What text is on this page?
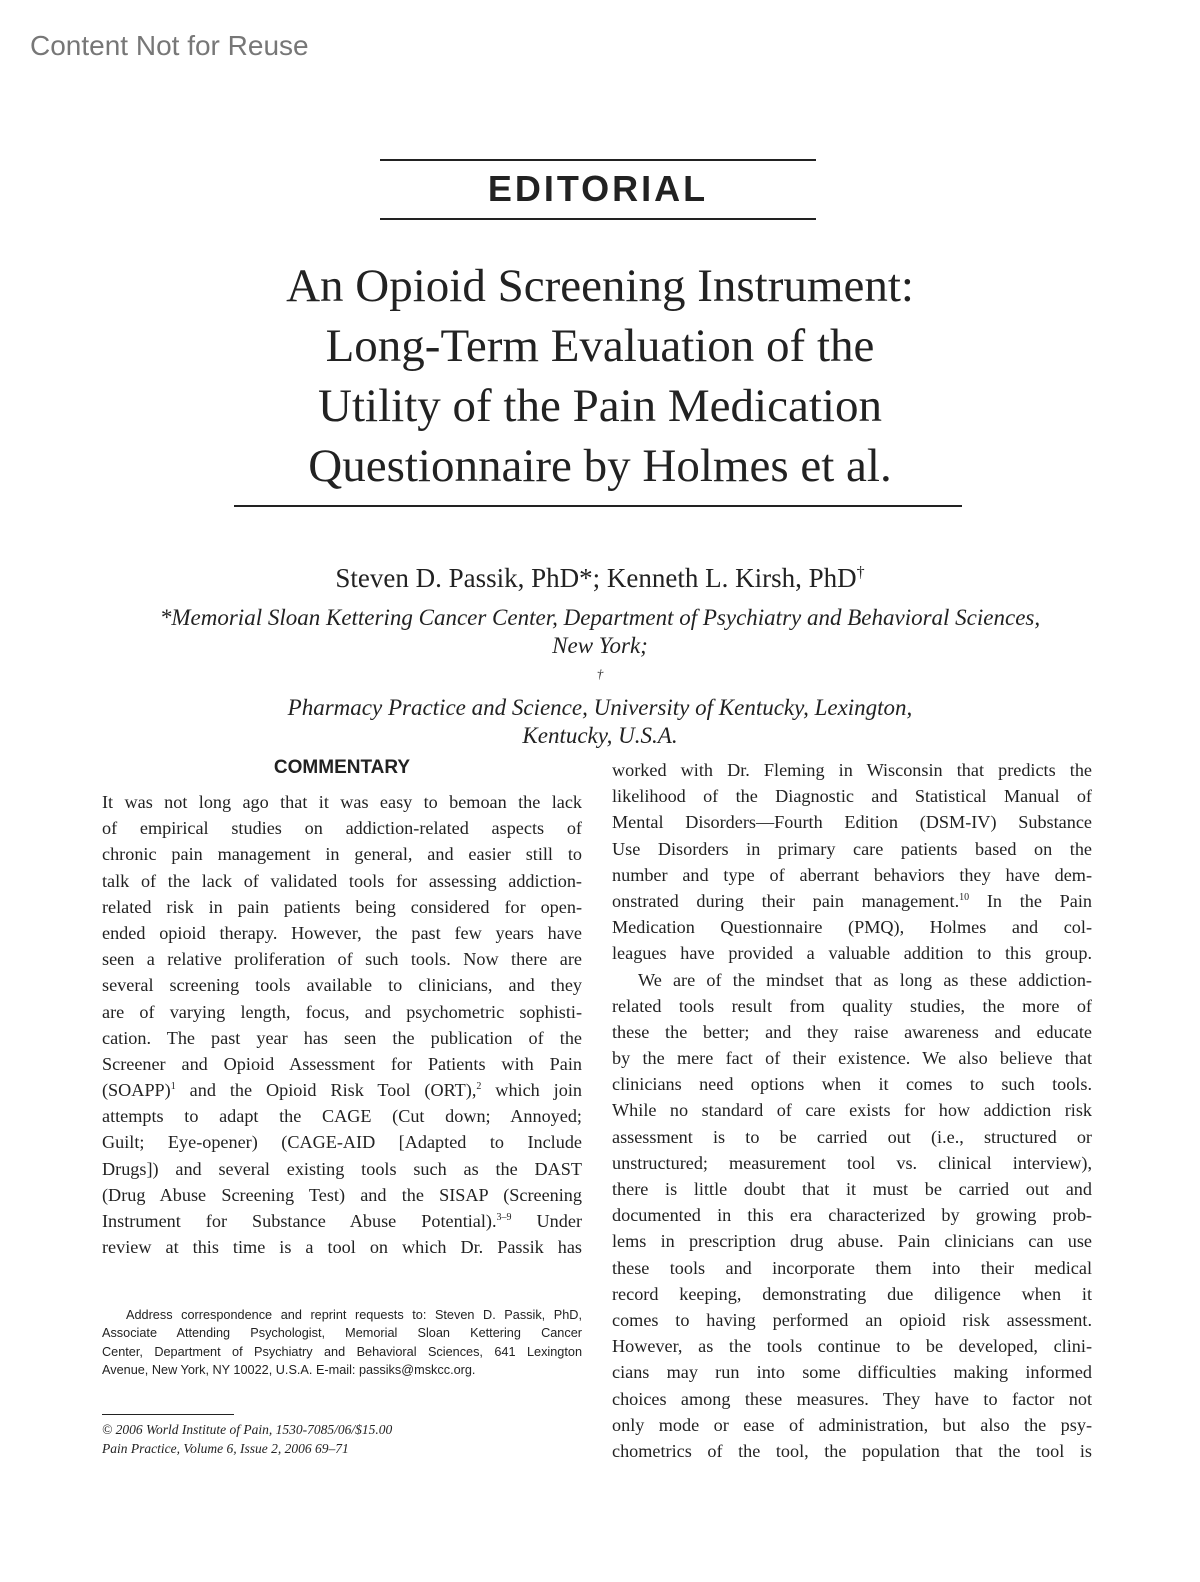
Content Not for Reuse
EDITORIAL
An Opioid Screening Instrument:
Long-Term Evaluation of the
Utility of the Pain Medication
Questionnaire by Holmes et al.
Steven D. Passik, PhD*; Kenneth L. Kirsh, PhD†
*Memorial Sloan Kettering Cancer Center, Department of Psychiatry and Behavioral Sciences,
New York;
†
Pharmacy Practice and Science, University of Kentucky, Lexington,
Kentucky, U.S.A.
COMMENTARY
It was not long ago that it was easy to bemoan the lack
of empirical studies on addiction-related aspects of
chronic pain management in general, and easier still to
talk of the lack of validated tools for assessing addiction-
related risk in pain patients being considered for open-
ended opioid therapy. However, the past few years have
seen a relative proliferation of such tools. Now there are
several screening tools available to clinicians, and they
are of varying length, focus, and psychometric sophisti-
cation. The past year has seen the publication of the
Screener and Opioid Assessment for Patients with Pain
(SOAPP)$^1$ and the Opioid Risk Tool (ORT),$^2$ which join
attempts to adapt the CAGE (Cut down; Annoyed;
Guilt; Eye-opener) (CAGE-AID [Adapted to Include
Drugs]) and several existing tools such as the DAST
(Drug Abuse Screening Test) and the SISAP (Screening
Instrument for Substance Abuse Potential).$^{3-9}$ Under
review at this time is a tool on which Dr. Passik has
worked with Dr. Fleming in Wisconsin that predicts the
likelihood of the Diagnostic and Statistical Manual of
Mental Disorders—Fourth Edition (DSM-IV) Substance
Use Disorders in primary care patients based on the
number and type of aberrant behaviors they have dem-
onstrated during their pain management.$^{10}$ In the Pain
Medication Questionnaire (PMQ), Holmes and col-
leagues have provided a valuable addition to this group.
We are of the mindset that as long as these addiction-
related tools result from quality studies, the more of
these the better; and they raise awareness and educate
by the mere fact of their existence. We also believe that
clinicians need options when it comes to such tools.
While no standard of care exists for how addiction risk
assessment is to be carried out (i.e., structured or
unstructured; measurement tool vs. clinical interview),
there is little doubt that it must be carried out and
documented in this era characterized by growing prob-
lems in prescription drug abuse. Pain clinicians can use
these tools and incorporate them into their medical
record keeping, demonstrating due diligence when it
comes to having performed an opioid risk assessment.
However, as the tools continue to be developed, clini-
cians may run into some difficulties making informed
choices among these measures. They have to factor not
only mode or ease of administration, but also the psy-
chometrics of the tool, the population that the tool is
Address correspondence and reprint requests to: Steven D. Passik, PhD,
Associate Attending Psychologist, Memorial Sloan Kettering Cancer
Center, Department of Psychiatry and Behavioral Sciences, 641 Lexington
Avenue, New York, NY 10022, U.S.A. E-mail: passiks@mskcc.org.
© 2006 World Institute of Pain, 1530-7085/06/$15.00
Pain Practice, Volume 6, Issue 2, 2006 69–71
